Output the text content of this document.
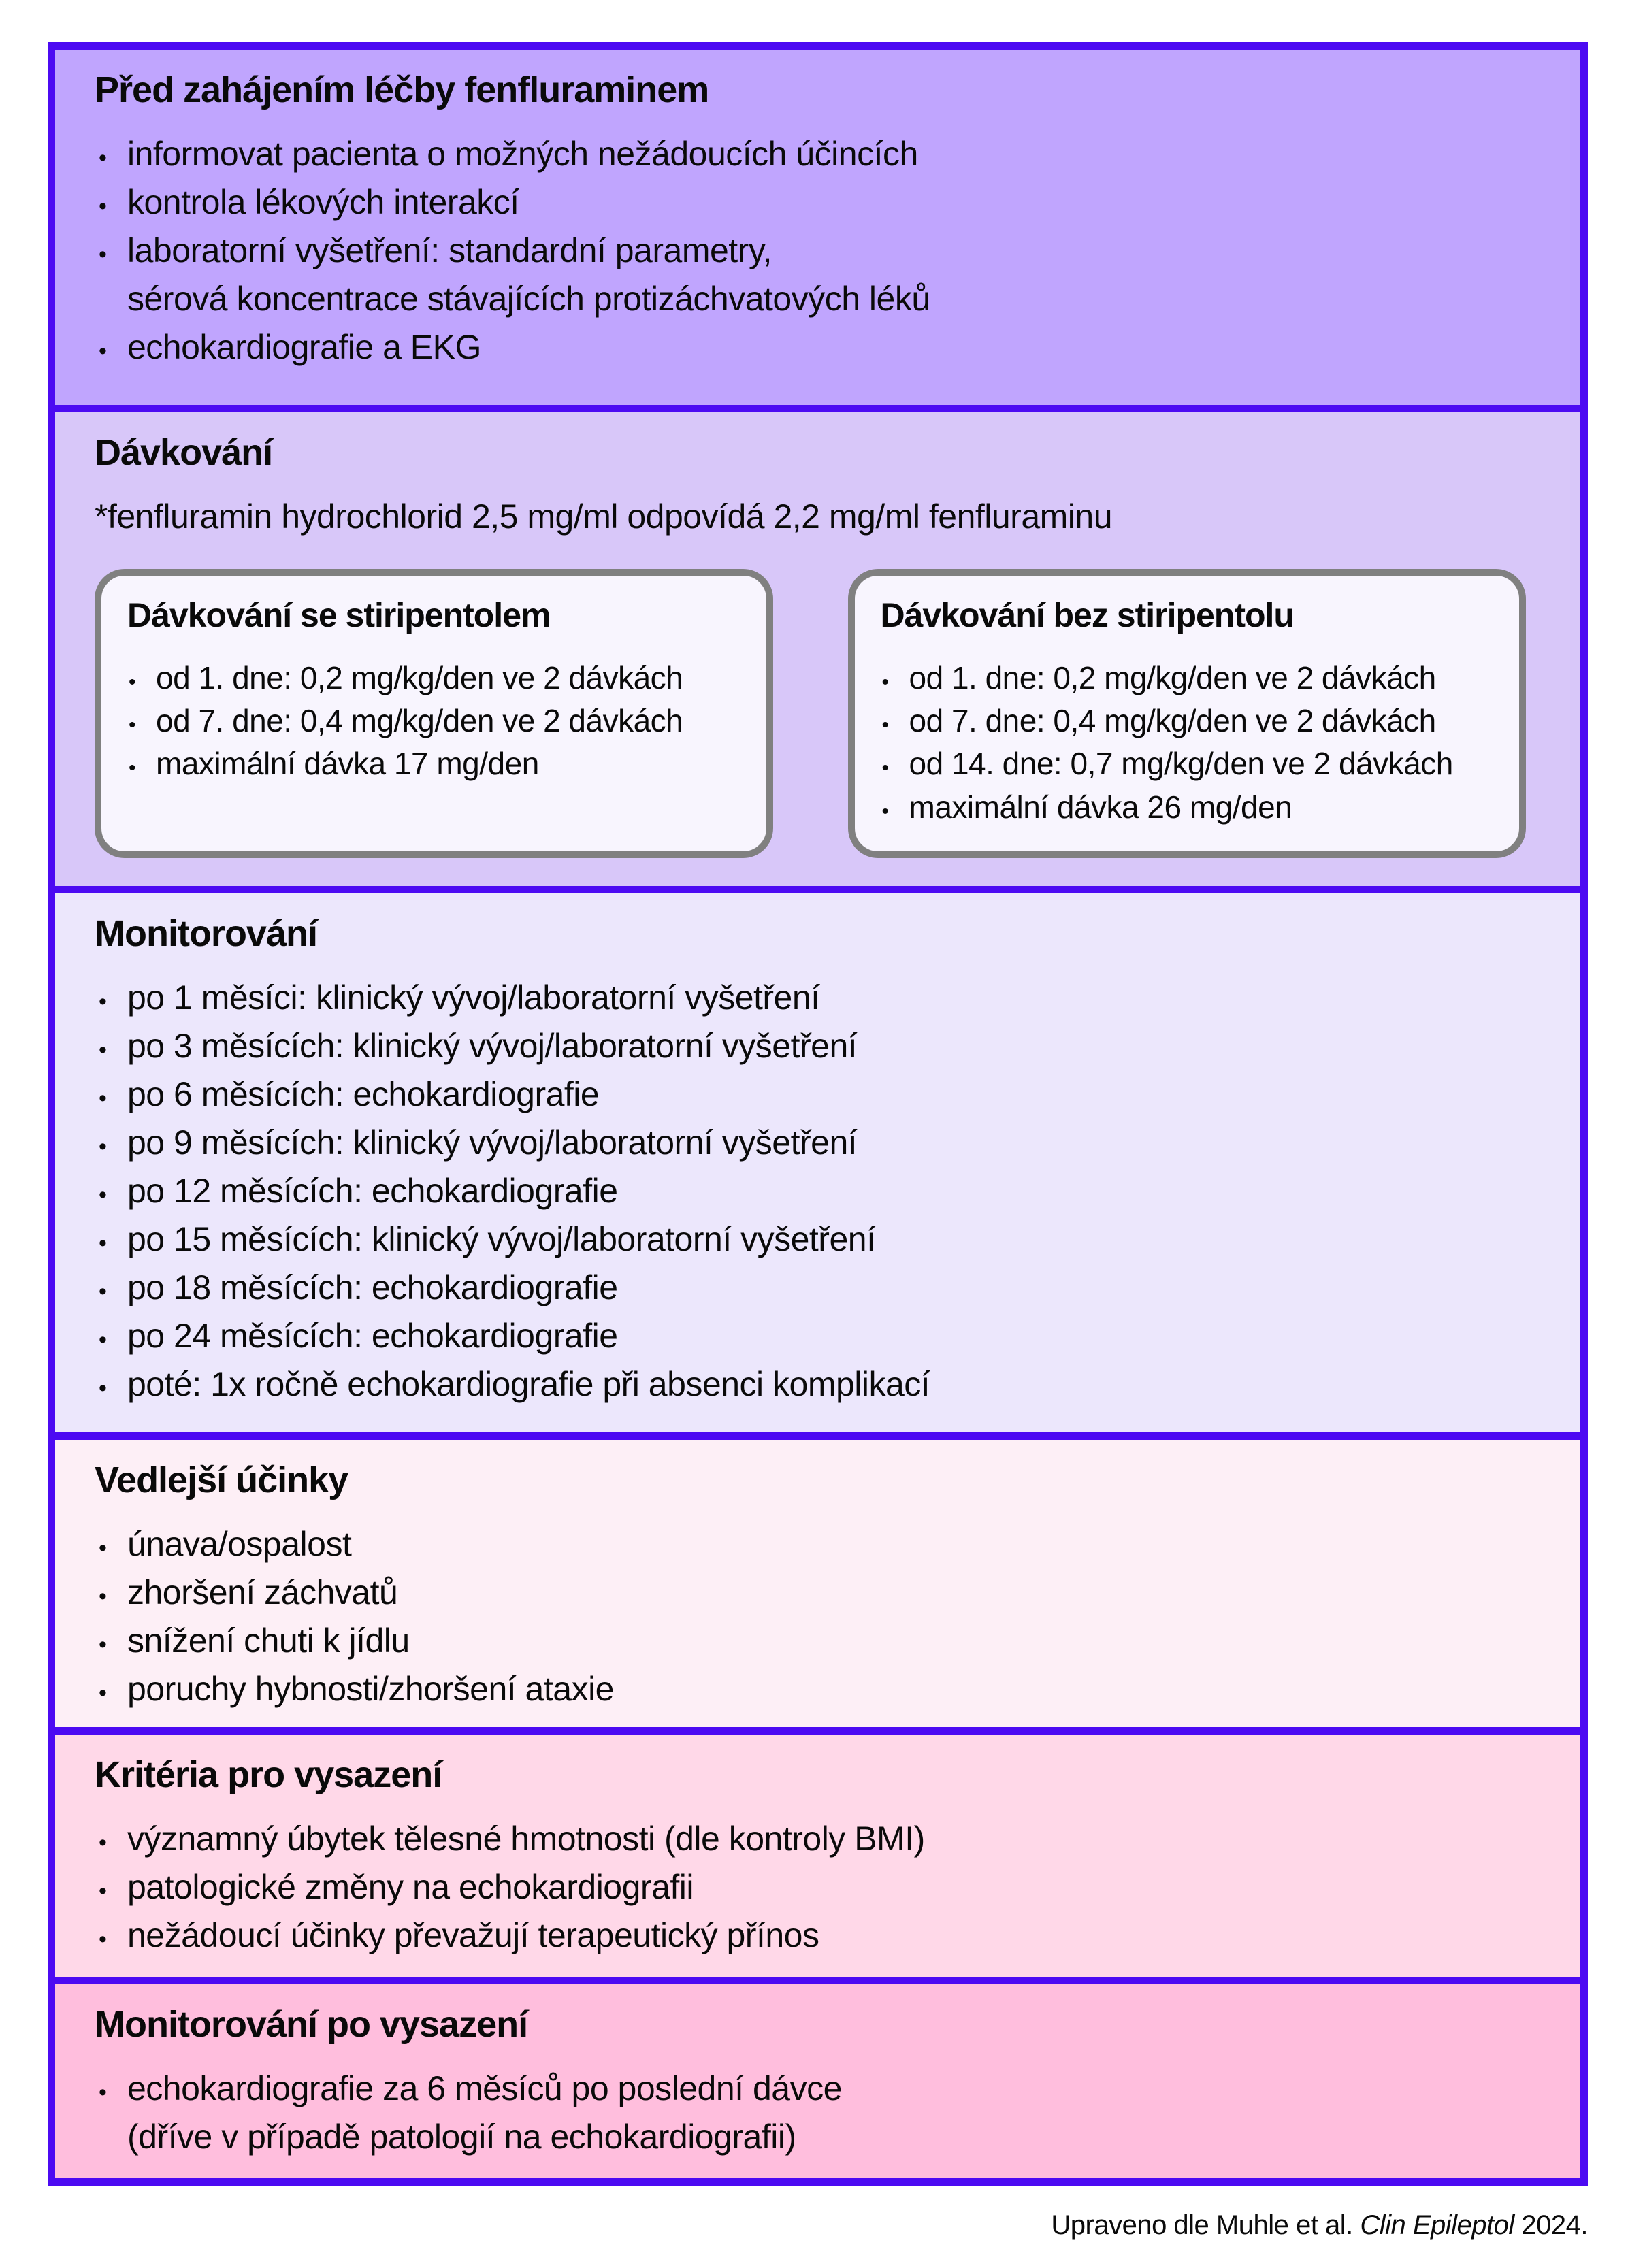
Před zahájením léčby fenfluraminem
• informovat pacienta o možných nežádoucích účincích
• kontrola lékových interakcí
• laboratorní vyšetření: standardní parametry,
sérová koncentrace stávajících protizáchvatových léků
• echokardiografie a EKG
Dávkování
*fenfluramin hydrochlorid 2,5 mg/ml odpovídá 2,2 mg/ml fenfluraminu
Dávkování se stiripentolem
• od 1. dne: 0,2 mg/kg/den ve 2 dávkách
• od 7. dne: 0,4 mg/kg/den ve 2 dávkách
• maximální dávka 17 mg/den
Dávkování bez stiripentolu
• od 1. dne: 0,2 mg/kg/den ve 2 dávkách
• od 7. dne: 0,4 mg/kg/den ve 2 dávkách
• od 14. dne: 0,7 mg/kg/den ve 2 dávkách
• maximální dávka 26 mg/den
Monitorování
• po 1 měsíci: klinický vývoj/laboratorní vyšetření
• po 3 měsících: klinický vývoj/laboratorní vyšetření
• po 6 měsících: echokardiografie
• po 9 měsících: klinický vývoj/laboratorní vyšetření
• po 12 měsících: echokardiografie
• po 15 měsících: klinický vývoj/laboratorní vyšetření
• po 18 měsících: echokardiografie
• po 24 měsících: echokardiografie
• poté: 1x ročně echokardiografie při absenci komplikací
Vedlejší účinky
• únava/ospalost
• zhoršení záchvatů
• snížení chuti k jídlu
• poruchy hybnosti/zhoršení ataxie
Kritéria pro vysazení
• významný úbytek tělesné hmotnosti (dle kontroly BMI)
• patologické změny na echokardiografii
• nežádoucí účinky převažují terapeutický přínos
Monitorování po vysazení
• echokardiografie za 6 měsíců po poslední dávce
(dříve v případě patologií na echokardiografii)
Upraveno dle Muhle et al. Clin Epileptol 2024.
